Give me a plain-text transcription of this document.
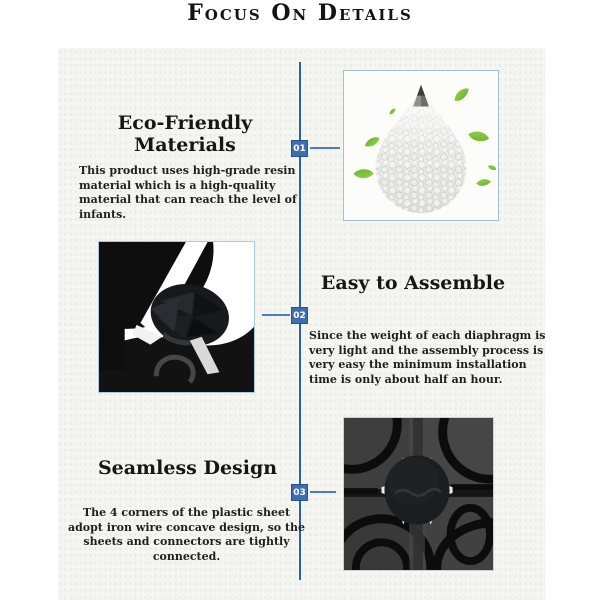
Focus On Details
01
02
03
Eco-Friendly Materials
This product uses high-grade resin material which is a high-quality material that can reach the level of infants.
Easy to Assemble
Since the weight of each diaphragm is very light and the assembly process is very easy the minimum installation time is only about half an hour.
Seamless Design
The 4 corners of the plastic sheet adopt iron wire concave design, so the sheets and connectors are tightly connected.
